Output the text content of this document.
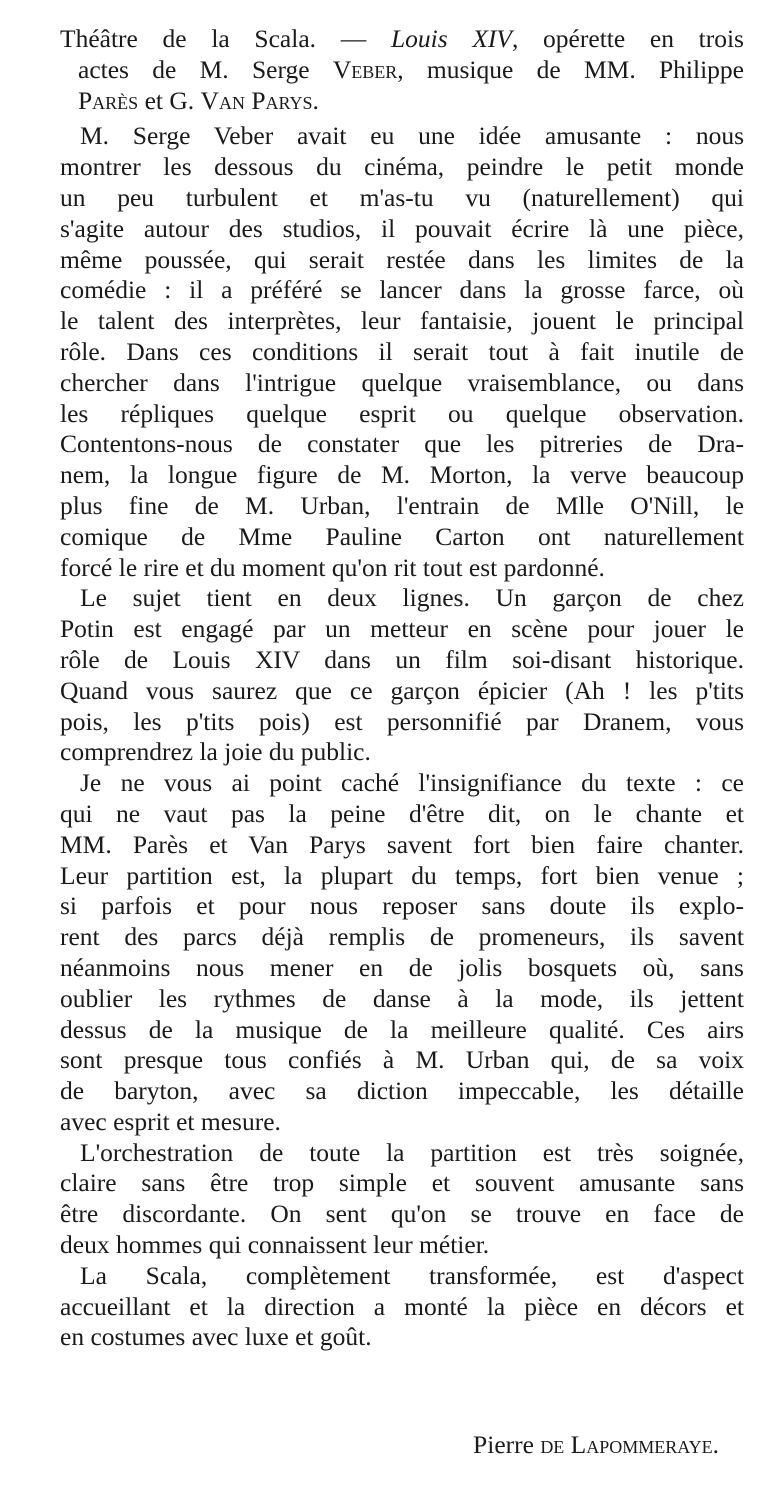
Théâtre de la Scala. — Louis XIV, opérette en trois
actes de M. Serge Veber, musique de MM. Philippe
Parès et G. Van Parys.
M. Serge Veber avait eu une idée amusante : nous
montrer les dessous du cinéma, peindre le petit monde
un peu turbulent et m'as-tu vu (naturellement) qui
s'agite autour des studios, il pouvait écrire là une pièce,
même poussée, qui serait restée dans les limites de la
comédie : il a préféré se lancer dans la grosse farce, où
le talent des interprètes, leur fantaisie, jouent le principal
rôle. Dans ces conditions il serait tout à fait inutile de
chercher dans l'intrigue quelque vraisemblance, ou dans
les répliques quelque esprit ou quelque observation.
Contentons-nous de constater que les pitreries de Dra-
nem, la longue figure de M. Morton, la verve beaucoup
plus fine de M. Urban, l'entrain de Mlle O'Nill, le
comique de Mme Pauline Carton ont naturellement
forcé le rire et du moment qu'on rit tout est pardonné.
Le sujet tient en deux lignes. Un garçon de chez
Potin est engagé par un metteur en scène pour jouer le
rôle de Louis XIV dans un film soi-disant historique.
Quand vous saurez que ce garçon épicier (Ah ! les p'tits
pois, les p'tits pois) est personnifié par Dranem, vous
comprendrez la joie du public.
Je ne vous ai point caché l'insignifiance du texte : ce
qui ne vaut pas la peine d'être dit, on le chante et
MM. Parès et Van Parys savent fort bien faire chanter.
Leur partition est, la plupart du temps, fort bien venue ;
si parfois et pour nous reposer sans doute ils explo-
rent des parcs déjà remplis de promeneurs, ils savent
néanmoins nous mener en de jolis bosquets où, sans
oublier les rythmes de danse à la mode, ils jettent
dessus de la musique de la meilleure qualité. Ces airs
sont presque tous confiés à M. Urban qui, de sa voix
de baryton, avec sa diction impeccable, les détaille
avec esprit et mesure.
L'orchestration de toute la partition est très soignée,
claire sans être trop simple et souvent amusante sans
être discordante. On sent qu'on se trouve en face de
deux hommes qui connaissent leur métier.
La Scala, complètement transformée, est d'aspect
accueillant et la direction a monté la pièce en décors et
en costumes avec luxe et goût.
Pierre de Lapommeraye.
